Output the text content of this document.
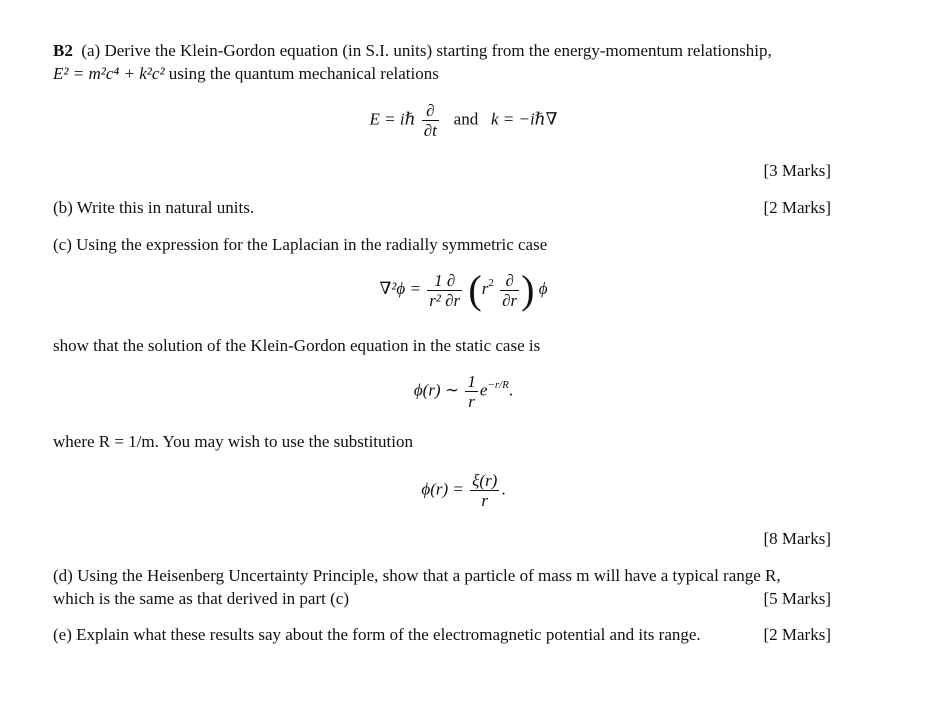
B2 (a) Derive the Klein-Gordon equation (in S.I. units) starting from the energy-momentum relationship,
E² = m²c⁴ + k²c² using the quantum mechanical relations
E = iℏ $\frac{\partial}{\partial t}$ and k = −iℏ∇
[3 Marks]
(b) Write this in natural units.	[2 Marks]
(c) Using the expression for the Laplacian in the radially symmetric case
$\nabla^2\phi = \frac{1 \partial}{\text{r² ∂r}} (r^2 \frac{\partial}{\partial r}$ ) ϕ
show that the solution of the Klein-Gordon equation in the static case is
ϕ(r) ∼ $\frac{1}{r} e^{-r/R}$.
where R = 1/m. You may wish to use the substitution
$\phi(r) = \frac{\xi(r)}{r}$ .
[8 Marks]
(d) Using the Heisenberg Uncertainty Principle, show that a particle of mass m will have a typical range R,
which is the same as that derived in part (c)	[5 Marks]
(e) Explain what these results say about the form of the electromagnetic potential and its range.	[2 Marks]
